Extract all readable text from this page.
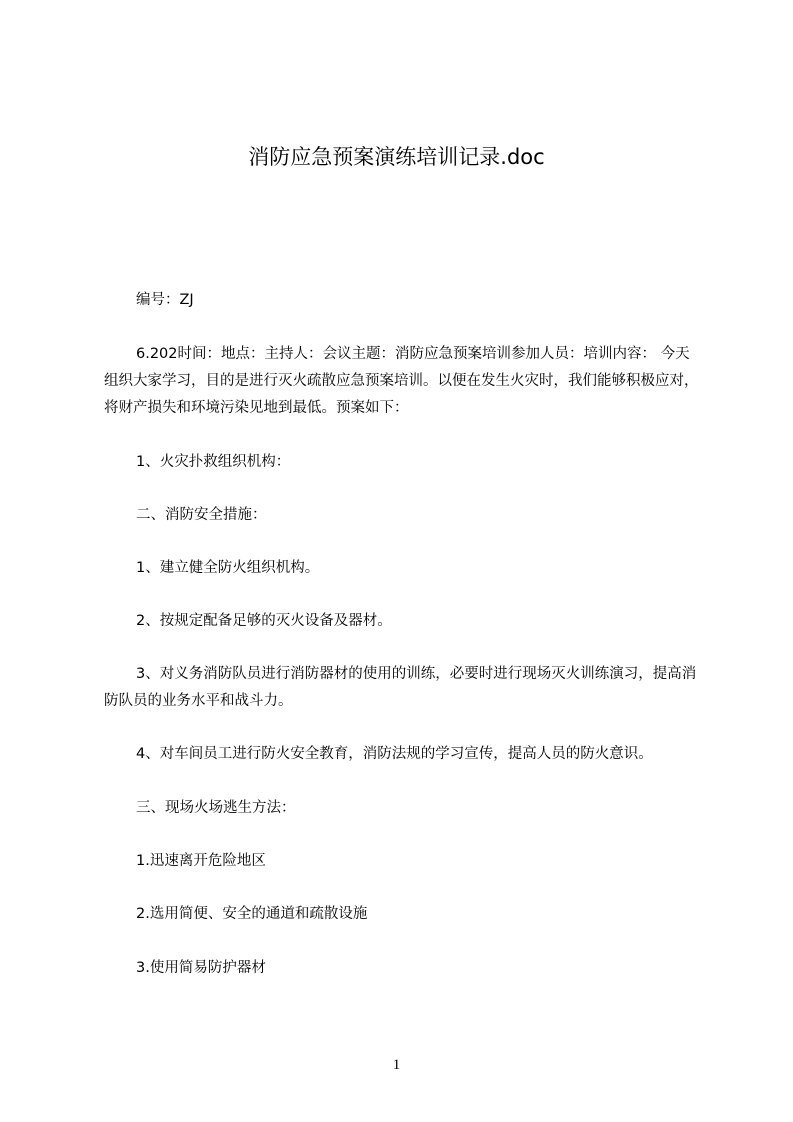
消防应急预案演练培训记录.doc

编号：ZJ

6.202时间：地点：主持人：会议主题：消防应急预案培训参加人员：培训内容： 今天组织大家学习，目的是进行灭火疏散应急预案培训。以便在发生火灾时，我们能够积极应对，将财产损失和环境污染见地到最低。预案如下：

1、火灾扑救组织机构：

二、消防安全措施：

1、建立健全防火组织机构。

2、按规定配备足够的灭火设备及器材。

3、对义务消防队员进行消防器材的使用的训练，必要时进行现场灭火训练演习，提高消防队员的业务水平和战斗力。

4、对车间员工进行防火安全教育，消防法规的学习宣传，提高人员的防火意识。

三、现场火场逃生方法：

1.迅速离开危险地区

2.选用简便、安全的通道和疏散设施

3.使用简易防护器材

1
